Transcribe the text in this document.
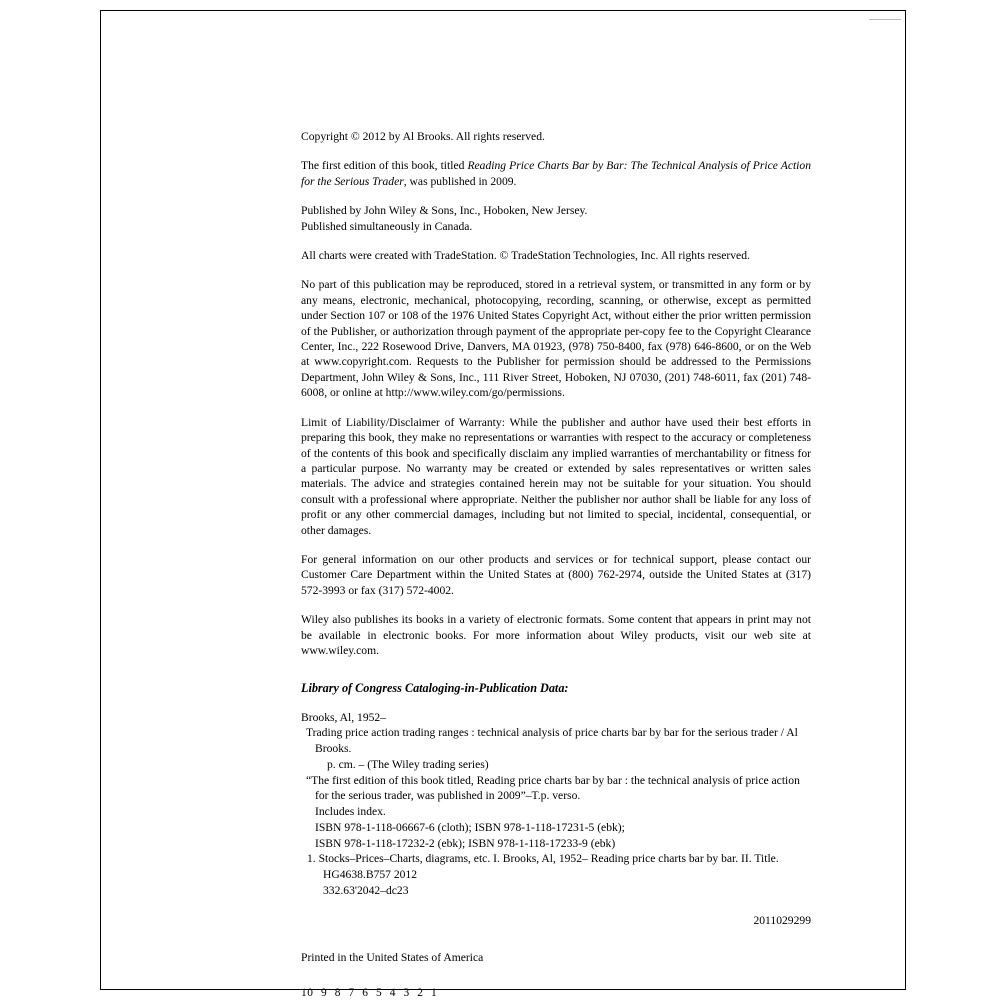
Copyright © 2012 by Al Brooks. All rights reserved.

The first edition of this book, titled Reading Price Charts Bar by Bar: The Technical Analysis of Price Action for the Serious Trader, was published in 2009.

Published by John Wiley & Sons, Inc., Hoboken, New Jersey.
Published simultaneously in Canada.

All charts were created with TradeStation. © TradeStation Technologies, Inc. All rights reserved.

No part of this publication may be reproduced, stored in a retrieval system, or transmitted in any form or by any means, electronic, mechanical, photocopying, recording, scanning, or otherwise, except as permitted under Section 107 or 108 of the 1976 United States Copyright Act, without either the prior written permission of the Publisher, or authorization through payment of the appropriate per-copy fee to the Copyright Clearance Center, Inc., 222 Rosewood Drive, Danvers, MA 01923, (978) 750-8400, fax (978) 646-8600, or on the Web at www.copyright.com. Requests to the Publisher for permission should be addressed to the Permissions Department, John Wiley & Sons, Inc., 111 River Street, Hoboken, NJ 07030, (201) 748-6011, fax (201) 748-6008, or online at http://www.wiley.com/go/permissions.

Limit of Liability/Disclaimer of Warranty: While the publisher and author have used their best efforts in preparing this book, they make no representations or warranties with respect to the accuracy or completeness of the contents of this book and specifically disclaim any implied warranties of merchantability or fitness for a particular purpose. No warranty may be created or extended by sales representatives or written sales materials. The advice and strategies contained herein may not be suitable for your situation. You should consult with a professional where appropriate. Neither the publisher nor author shall be liable for any loss of profit or any other commercial damages, including but not limited to special, incidental, consequential, or other damages.

For general information on our other products and services or for technical support, please contact our Customer Care Department within the United States at (800) 762-2974, outside the United States at (317) 572-3993 or fax (317) 572-4002.

Wiley also publishes its books in a variety of electronic formats. Some content that appears in print may not be available in electronic books. For more information about Wiley products, visit our web site at www.wiley.com.

Library of Congress Cataloging-in-Publication Data:
Brooks, Al, 1952–
Trading price action trading ranges : technical analysis of price charts bar by bar for the serious trader / Al Brooks.
p. cm. – (The Wiley trading series)
“The first edition of this book titled, Reading price charts bar by bar : the technical analysis of price action for the serious trader, was published in 2009”–T.p. verso.
Includes index.
ISBN 978-1-118-06667-6 (cloth); ISBN 978-1-118-17231-5 (ebk);
ISBN 978-1-118-17232-2 (ebk); ISBN 978-1-118-17233-9 (ebk)
1. Stocks–Prices–Charts, diagrams, etc. I. Brooks, Al, 1952– Reading price charts bar by bar. II. Title.
HG4638.B757 2012
332.63'2042–dc23

2011029299

Printed in the United States of America

10 9 8 7 6 5 4 3 2 1
